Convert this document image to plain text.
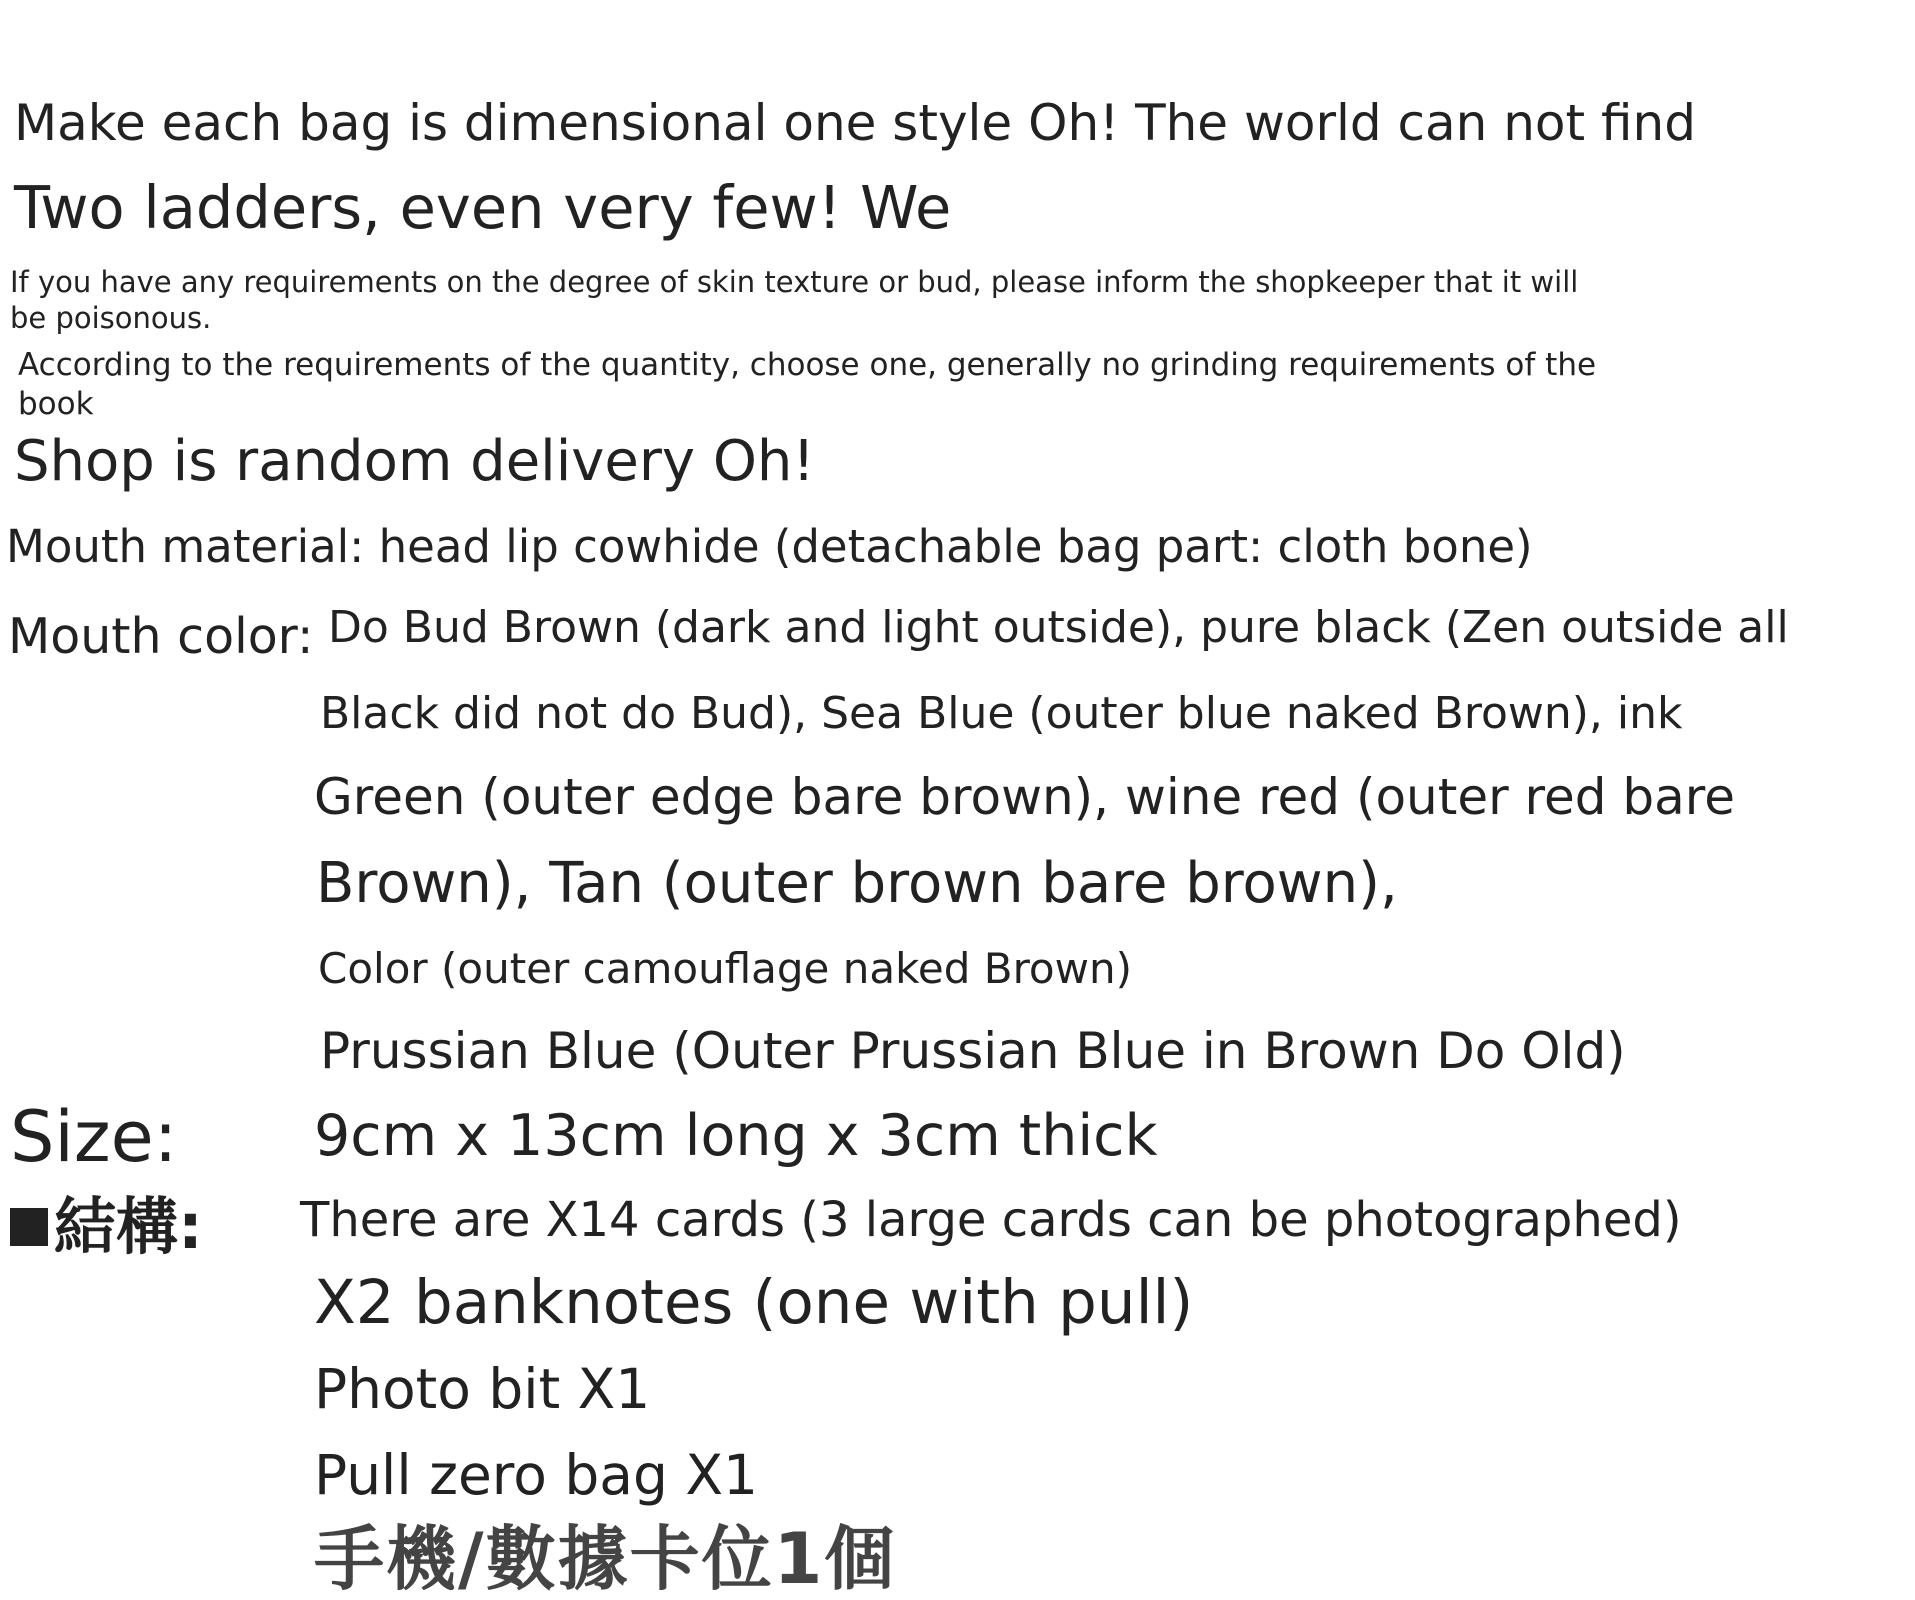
Make each bag is dimensional one style Oh! The world can not find

Two ladders, even very few! We

If you have any requirements on the degree of skin texture or bud, please inform the shopkeeper that it will be poisonous.

According to the requirements of the quantity, choose one, generally no grinding requirements of the book

Shop is random delivery Oh!

Mouth material: head lip cowhide (detachable bag part: cloth bone)

Mouth color: Do Bud Brown (dark and light outside), pure black (Zen outside all

Black did not do Bud), Sea Blue (outer blue naked Brown), ink

Green (outer edge bare brown), wine red (outer red bare

Brown), Tan (outer brown bare brown),

Color (outer camouflage naked Brown)

Prussian Blue (Outer Prussian Blue in Brown Do Old)

Size: 9cm x 13cm long x 3cm thick

結構: There are X14 cards (3 large cards can be photographed)

X2 banknotes (one with pull)

Photo bit X1

Pull zero bag X1

手機/數據卡位1個
